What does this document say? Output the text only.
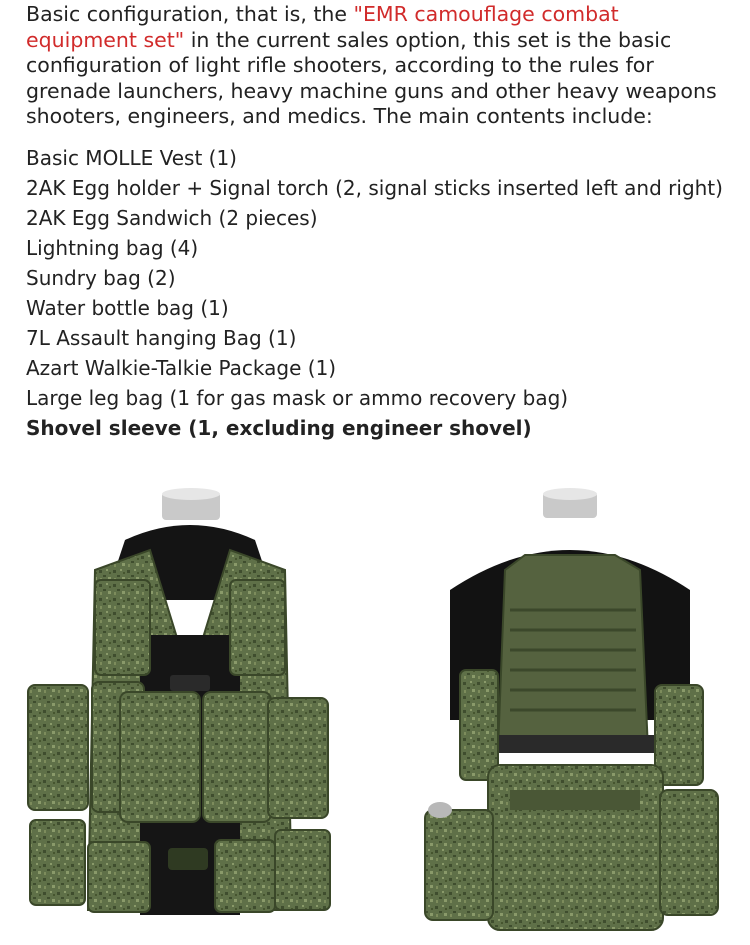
Basic configuration, that is, the "EMR camouflage combat equipment set" in the current sales option, this set is the basic configuration of light rifle shooters, according to the rules for grenade launchers, heavy machine guns and other heavy weapons shooters, engineers, and medics. The main contents include:

Basic MOLLE Vest (1)
2AK Egg holder + Signal torch (2, signal sticks inserted left and right)
2AK Egg Sandwich (2 pieces)
Lightning bag (4)
Sundry bag (2)
Water bottle bag (1)
7L Assault hanging Bag (1)
Azart Walkie-Talkie Package (1)
Large leg bag (1 for gas mask or ammo recovery bag)
Shovel sleeve (1, excluding engineer shovel)
